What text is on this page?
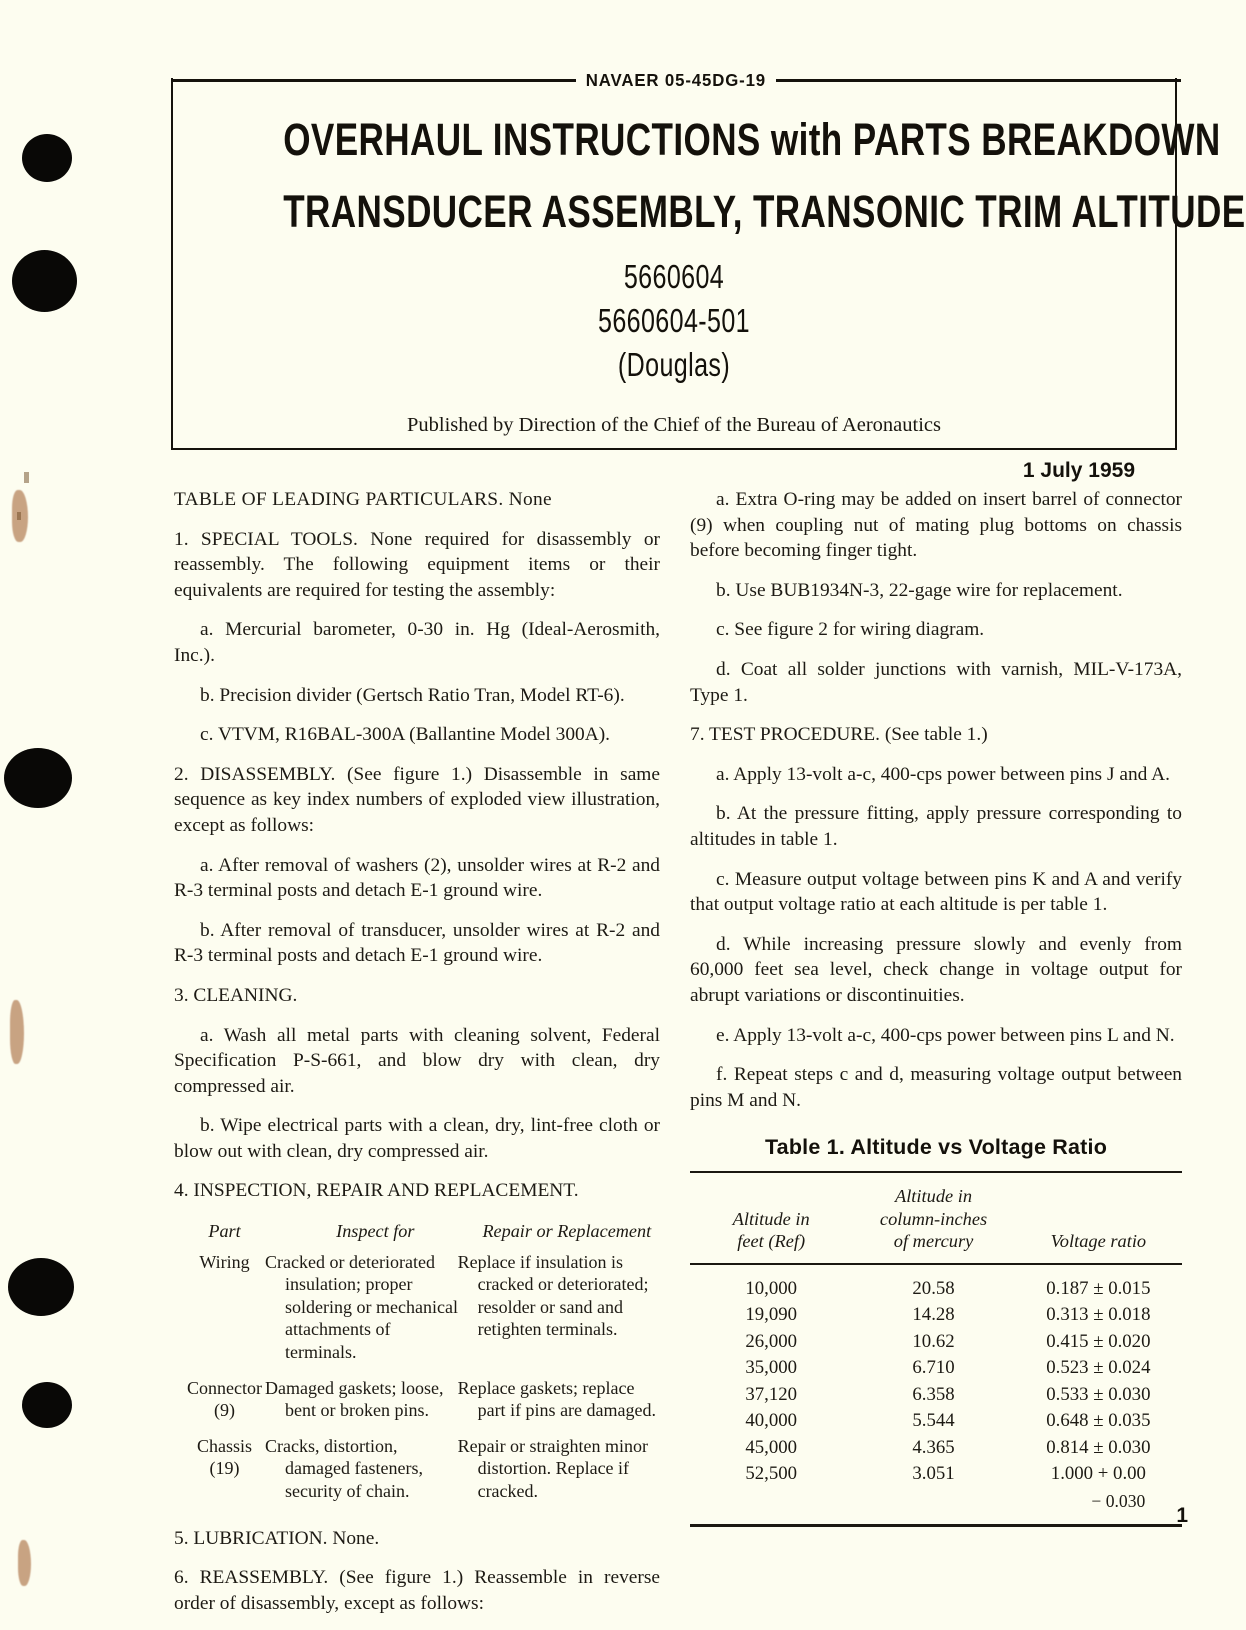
NAVAER 05-45DG-19
OVERHAUL INSTRUCTIONS with PARTS BREAKDOWN
TRANSDUCER ASSEMBLY, TRANSONIC TRIM ALTITUDE
5660604
5660604-501
(Douglas)
Published by Direction of the Chief of the Bureau of Aeronautics
1 July 1959

TABLE OF LEADING PARTICULARS. None

1. SPECIAL TOOLS. None required for disassembly or reassembly. The following equipment items or their equivalents are required for testing the assembly:

a. Mercurial barometer, 0-30 in. Hg (Ideal-Aerosmith, Inc.).

b. Precision divider (Gertsch Ratio Tran, Model RT-6).

c. VTVM, R16BAL-300A (Ballantine Model 300A).

2. DISASSEMBLY. (See figure 1.) Disassemble in same sequence as key index numbers of exploded view illustration, except as follows:

a. After removal of washers (2), unsolder wires at R-2 and R-3 terminal posts and detach E-1 ground wire.

b. After removal of transducer, unsolder wires at R-2 and R-3 terminal posts and detach E-1 ground wire.

3. CLEANING.

a. Wash all metal parts with cleaning solvent, Federal Specification P-S-661, and blow dry with clean, dry compressed air.

b. Wipe electrical parts with a clean, dry, lint-free cloth or blow out with clean, dry compressed air.

4. INSPECTION, REPAIR AND REPLACEMENT.

Part	Inspect for	Repair or Replacement
Wiring	Cracked or deteriorated insulation; proper soldering or mechanical attachments of terminals.	Replace if insulation is cracked or deteriorated; resolder or sand and retighten terminals.
Connector
(9)	Damaged gaskets; loose, bent or broken pins.	Replace gaskets; replace part if pins are damaged.
Chassis
(19)	Cracks, distortion, damaged fasteners, security of chain.	Repair or straighten minor distortion. Replace if cracked.

5. LUBRICATION. None.

6. REASSEMBLY. (See figure 1.) Reassemble in reverse order of disassembly, except as follows:

a. Extra O-ring may be added on insert barrel of connector (9) when coupling nut of mating plug bottoms on chassis before becoming finger tight.

b. Use BUB1934N-3, 22-gage wire for replacement.

c. See figure 2 for wiring diagram.

d. Coat all solder junctions with varnish, MIL-V-173A, Type 1.

7. TEST PROCEDURE. (See table 1.)

a. Apply 13-volt a-c, 400-cps power between pins J and A.

b. At the pressure fitting, apply pressure corresponding to altitudes in table 1.

c. Measure output voltage between pins K and A and verify that output voltage ratio at each altitude is per table 1.

d. While increasing pressure slowly and evenly from 60,000 feet sea level, check change in voltage output for abrupt variations or discontinuities.

e. Apply 13-volt a-c, 400-cps power between pins L and N.

f. Repeat steps c and d, measuring voltage output between pins M and N.

Table 1. Altitude vs Voltage Ratio
Altitude in
feet (Ref)	Altitude in
column-inches
of mercury	Voltage ratio
10,000	20.58	0.187 ± 0.015
19,090	14.28	0.313 ± 0.018
26,000	10.62	0.415 ± 0.020
35,000	6.710	0.523 ± 0.024
37,120	6.358	0.533 ± 0.030
40,000	5.544	0.648 ± 0.035
45,000	4.365	0.814 ± 0.030
52,500	3.051	1.000 + 0.00
− 0.030
1
